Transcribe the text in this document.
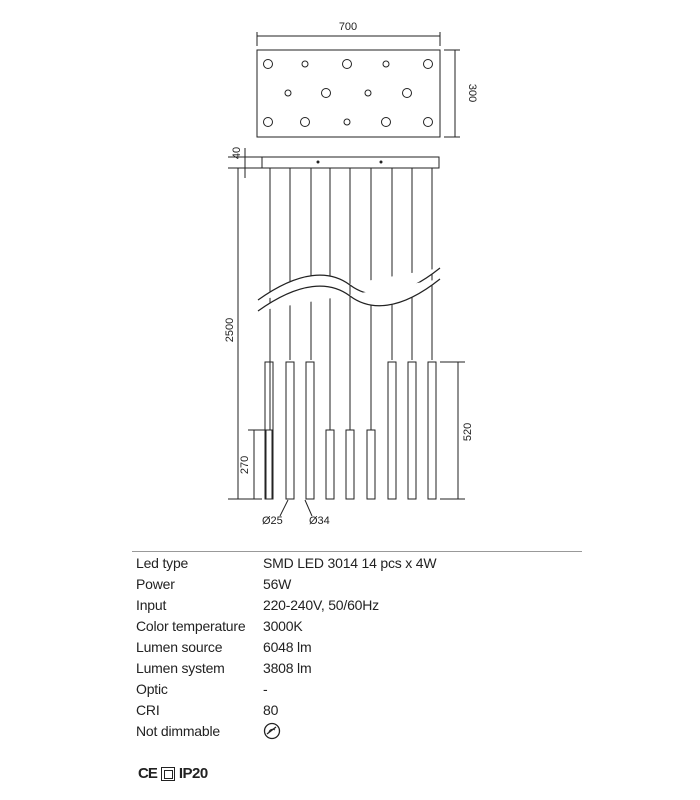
700
300
40
2500
520
270
Ø25 Ø34
Led type	SMD LED 3014 14 pcs x 4W
Power	56W
Input	220-240V, 50/60Hz
Color temperature	3000K
Lumen source	6048 lm
Lumen system	3808 lm
Optic	-
CRI	80
Not dimmable
CE IP20
